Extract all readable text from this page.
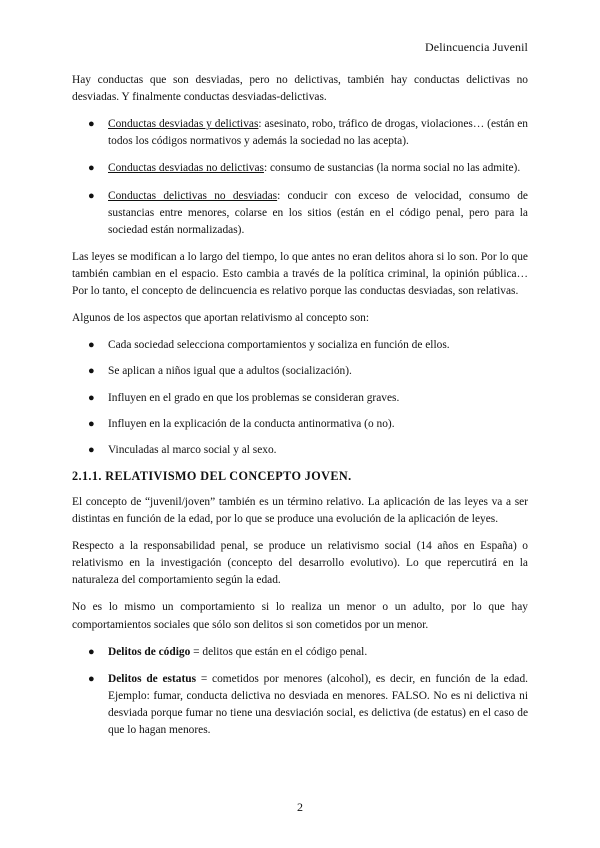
Delincuencia Juvenil

Hay conductas que son desviadas, pero no delictivas, también hay conductas delictivas no desviadas. Y finalmente conductas desviadas-delictivas.

● Conductas desviadas y delictivas: asesinato, robo, tráfico de drogas, violaciones… (están en todos los códigos normativos y además la sociedad no las acepta).
● Conductas desviadas no delictivas: consumo de sustancias (la norma social no las admite).
● Conductas delictivas no desviadas: conducir con exceso de velocidad, consumo de sustancias entre menores, colarse en los sitios (están en el código penal, pero para la sociedad están normalizadas).

Las leyes se modifican a lo largo del tiempo, lo que antes no eran delitos ahora si lo son. Por lo que también cambian en el espacio. Esto cambia a través de la política criminal, la opinión pública… Por lo tanto, el concepto de delincuencia es relativo porque las conductas desviadas, son relativas.

Algunos de los aspectos que aportan relativismo al concepto son:

● Cada sociedad selecciona comportamientos y socializa en función de ellos.
● Se aplican a niños igual que a adultos (socialización).
● Influyen en el grado en que los problemas se consideran graves.
● Influyen en la explicación de la conducta antinormativa (o no).
● Vinculadas al marco social y al sexo.
2.1.1. RELATIVISMO DEL CONCEPTO JOVEN.

El concepto de “juvenil/joven” también es un término relativo. La aplicación de las leyes va a ser distintas en función de la edad, por lo que se produce una evolución de la aplicación de leyes.

Respecto a la responsabilidad penal, se produce un relativismo social (14 años en España) o relativismo en la investigación (concepto del desarrollo evolutivo). Lo que repercutirá en la naturaleza del comportamiento según la edad.

No es lo mismo un comportamiento si lo realiza un menor o un adulto, por lo que hay comportamientos sociales que sólo son delitos si son cometidos por un menor.

● Delitos de código = delitos que están en el código penal.
● Delitos de estatus = cometidos por menores (alcohol), es decir, en función de la edad. Ejemplo: fumar, conducta delictiva no desviada en menores. FALSO. No es ni delictiva ni desviada porque fumar no tiene una desviación social, es delictiva (de estatus) en el caso de que lo hagan menores.
2
